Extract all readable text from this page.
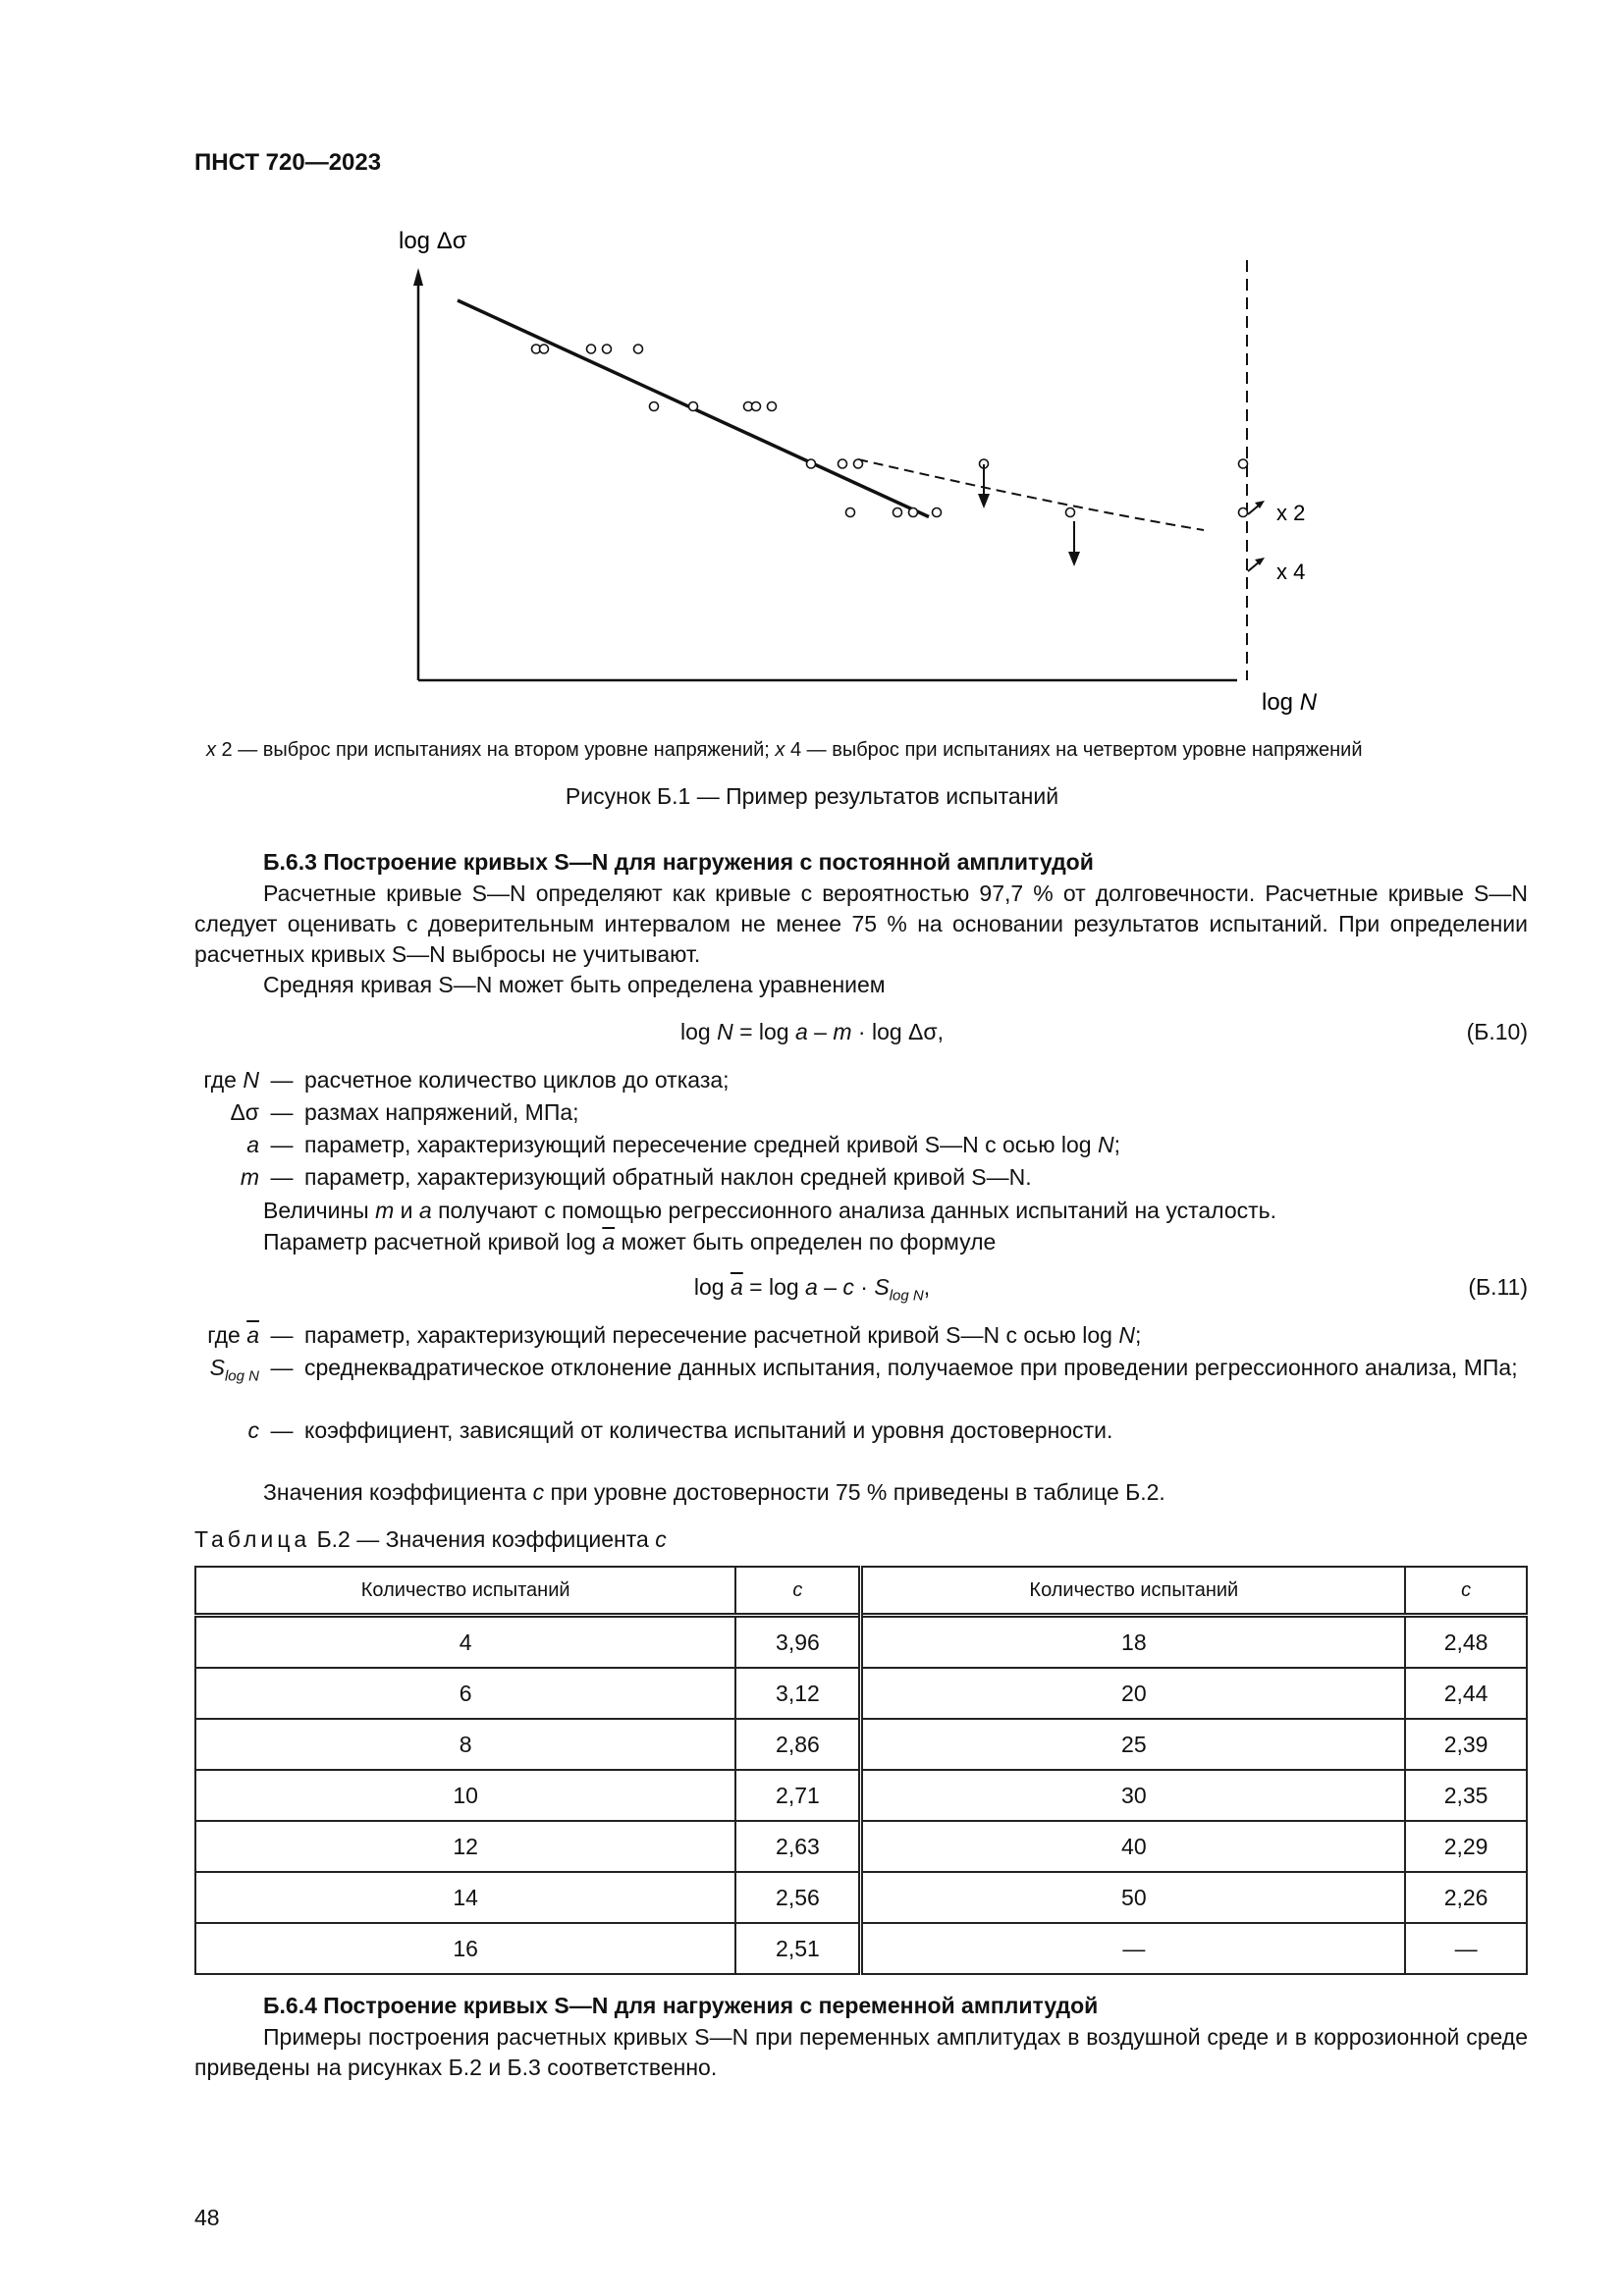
ПНСТ 720—2023
log Δσ
log N
x 2
x 4
x 2 — выброс при испытаниях на втором уровне напряжений; x 4 — выброс при испытаниях на четвертом уровне напряжений
Рисунок Б.1 — Пример результатов испытаний
Б.6.3 Построение кривых S—N для нагружения с постоянной амплитудой
Расчетные кривые S—N определяют как кривые с вероятностью 97,7 % от долговечности. Расчетные кривые S—N следует оценивать с доверительным интервалом не менее 75 % на основании результатов испытаний. При определении расчетных кривых S—N выбросы не учитывают.
Средняя кривая S—N может быть определена уравнением
log N = log a – m · log Δσ,	(Б.10)
где N — расчетное количество циклов до отказа;
Δσ — размах напряжений, МПа;
a — параметр, характеризующий пересечение средней кривой S—N с осью log N;
m — параметр, характеризующий обратный наклон средней кривой S—N.
Величины m и a получают с помощью регрессионного анализа данных испытаний на усталость.
Параметр расчетной кривой $\log \overline{a}$ может быть определен по формуле
$\log \overline{a} = \log a - c \cdot S_{log N}$,	(Б.11)
где $\overline{a}$ — параметр, характеризующий пересечение расчетной кривой S—N с осью log N;
$S_{log N}$ — среднеквадратическое отклонение данных испытания, получаемое при проведении регрессионного анализа, МПа;
c — коэффициент, зависящий от количества испытаний и уровня достоверности.
Значения коэффициента c при уровне достоверности 75 % приведены в таблице Б.2.
Таблица Б.2 — Значения коэффициента c
Количество испытаний	c	Количество испытаний	c
4	3,96	18	2,48
6	3,12	20	2,44
8	2,86	25	2,39
10	2,71	30	2,35
12	2,63	40	2,29
14	2,56	50	2,26
16	2,51	—	—
Б.6.4 Построение кривых S—N для нагружения с переменной амплитудой
Примеры построения расчетных кривых S—N при переменных амплитудах в воздушной среде и в коррозионной среде приведены на рисунках Б.2 и Б.3 соответственно.
48
